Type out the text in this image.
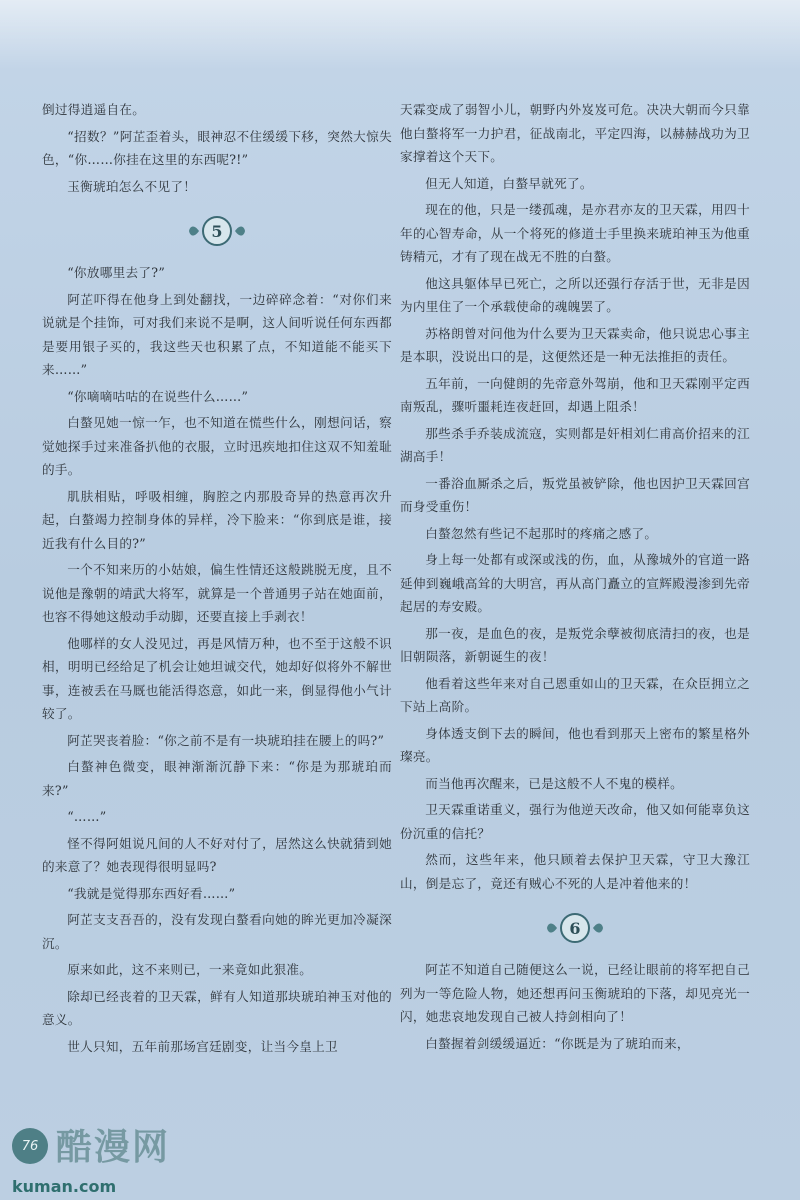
倒过得逍遥自在。

“招数？”阿芷歪着头，眼神忍不住缓缓下移，突然大惊失色，“你……你挂在这里的东西呢?!”

玉衡琥珀怎么不见了！

5

“你放哪里去了?”

阿芷吓得在他身上到处翻找，一边碎碎念着：“对你们来说就是个挂饰，可对我们来说不是啊，这人间听说任何东西都是要用银子买的，我这些天也积累了点，不知道能不能买下来……”

“你嘀嘀咕咕的在说些什么……”

白螯见她一惊一乍，也不知道在慌些什么，刚想问话，察觉她探手过来准备扒他的衣服，立时迅疾地扣住这双不知羞耻的手。

肌肤相贴，呼吸相缠，胸腔之内那股奇异的热意再次升起，白螯竭力控制身体的异样，冷下脸来：“你到底是谁，接近我有什么目的?”

一个不知来历的小姑娘，偏生性情还这般跳脱无度，且不说他是豫朝的靖武大将军，就算是一个普通男子站在她面前，也容不得她这般动手动脚，还要直接上手剥衣！

他哪样的女人没见过，再是风情万种，也不至于这般不识相，明明已经给足了机会让她坦诚交代，她却好似将外不解世事，连被丢在马厩也能活得恣意，如此一来，倒显得他小气计较了。

阿芷哭丧着脸：“你之前不是有一块琥珀挂在腰上的吗?”

白螯神色微变，眼神渐渐沉静下来：“你是为那琥珀而来?”

“……”

怪不得阿姐说凡间的人不好对付了，居然这么快就猜到她的来意了？她表现得很明显吗?

“我就是觉得那东西好看……”

阿芷支支吾吾的，没有发现白螯看向她的眸光更加冷凝深沉。

原来如此，这不来则已，一来竟如此狠准。

除却已经丧着的卫天霖，鲜有人知道那块琥珀神玉对他的意义。

世人只知，五年前那场宫廷剧变，让当今皇上卫

天霖变成了弱智小儿，朝野内外岌岌可危。决决大朝而今只靠他白螯将军一力护君，征战南北，平定四海，以赫赫战功为卫家撑着这个天下。

但无人知道，白螯早就死了。

现在的他，只是一缕孤魂，是亦君亦友的卫天霖，用四十年的心智寿命，从一个将死的修道士手里换来琥珀神玉为他重铸精元，才有了现在战无不胜的白螯。

他这具躯体早已死亡，之所以还强行存活于世，无非是因为内里住了一个承载使命的魂魄罢了。

苏格朗曾对问他为什么要为卫天霖卖命，他只说忠心事主是本职，没说出口的是，这便然还是一种无法推拒的责任。

五年前，一向健朗的先帝意外驾崩，他和卫天霖刚平定西南叛乱，骤听噩耗连夜赶回，却遇上阻杀！

那些杀手乔装成流寇，实则都是奸相刘仁甫高价招来的江湖高手！

一番浴血厮杀之后，叛党虽被铲除，他也因护卫天霖回宫而身受重伤！

白螯忽然有些记不起那时的疼痛之感了。

身上每一处都有或深或浅的伤，血，从豫城外的官道一路延伸到巍峨高耸的大明宫，再从高门矗立的宣辉殿漫渗到先帝起居的寿安殿。

那一夜，是血色的夜，是叛党余孽被彻底清扫的夜，也是旧朝陨落，新朝诞生的夜！

他看着这些年来对自己恩重如山的卫天霖，在众臣拥立之下站上高阶。

身体透支倒下去的瞬间，他也看到那天上密布的繁星格外璨亮。

而当他再次醒来，已是这般不人不鬼的模样。

卫天霖重诺重义，强行为他逆天改命，他又如何能辜负这份沉重的信托？

然而，这些年来，他只顾着去保护卫天霖，守卫大豫江山，倒是忘了，竟还有贼心不死的人是冲着他来的！

6

阿芷不知道自己随便这么一说，已经让眼前的将军把自己列为一等危险人物，她还想再问玉衡琥珀的下落，却见亮光一闪，她悲哀地发现自己被人持剑相向了！

白螯握着剑缓缓逼近：“你既是为了琥珀而来，

76 酷漫网
kuman.com
